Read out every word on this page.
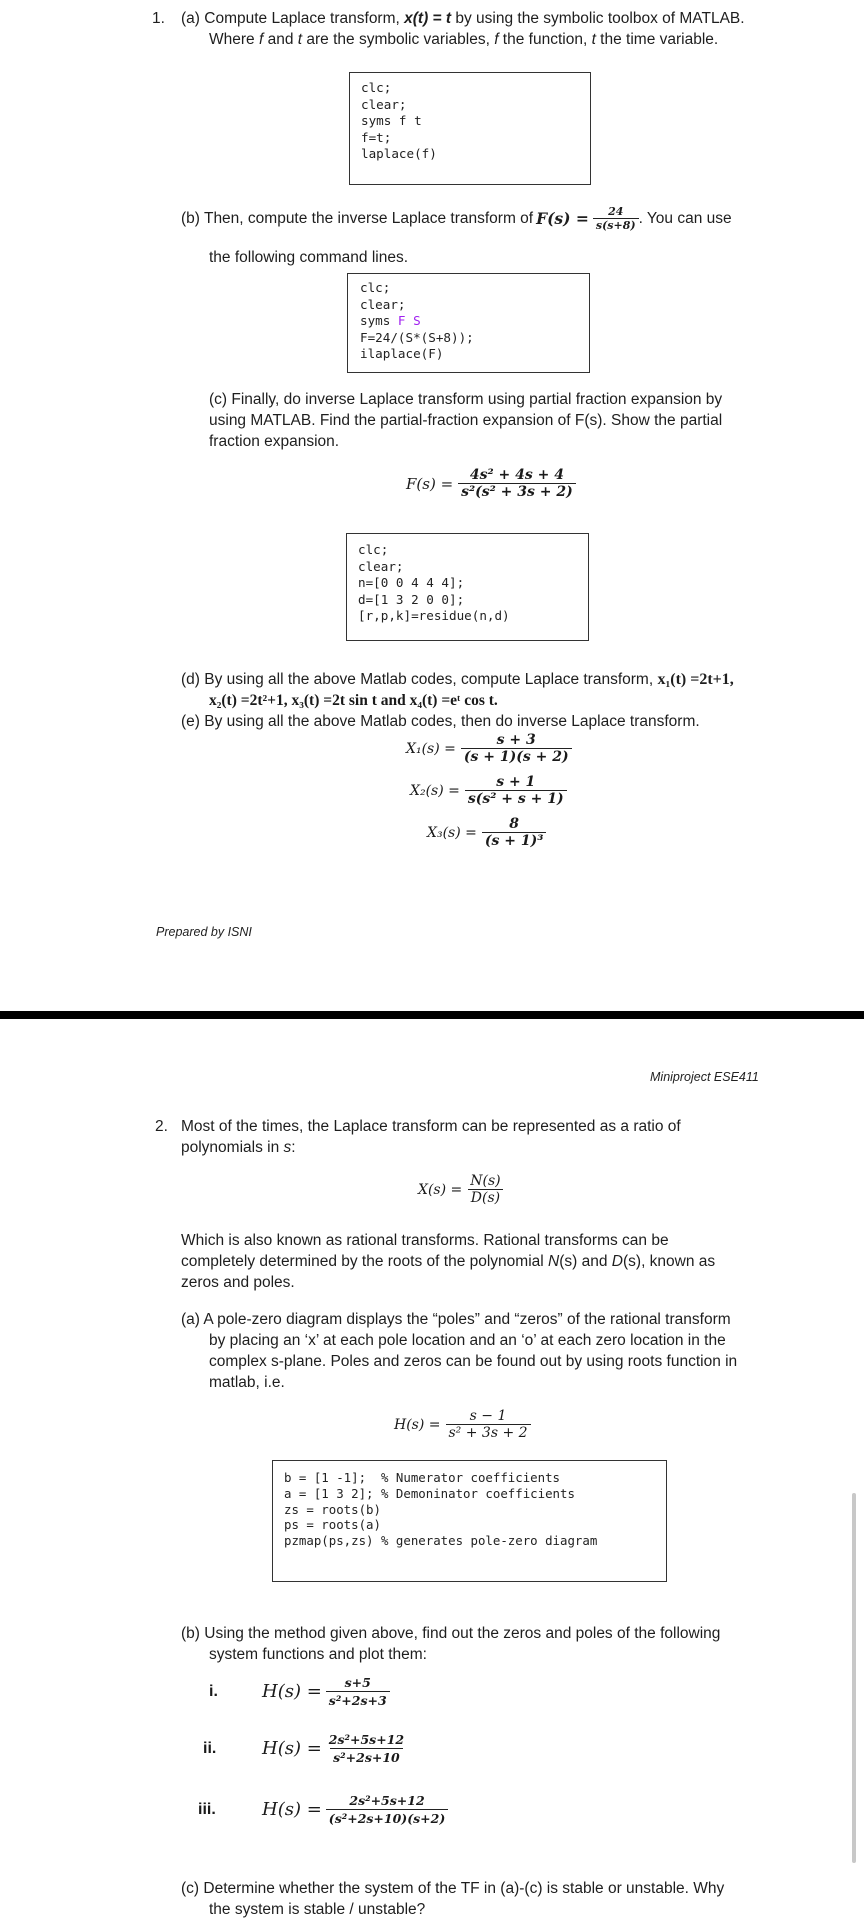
1. (a) Compute Laplace transform, x(t) = t by using the symbolic toolbox of MATLAB.
Where f and t are the symbolic variables, f the function, t the time variable.
clc;
clear;
syms f t
f=t;
laplace(f)
(b) Then, compute the inverse Laplace transform of $F(s) = \frac{24}{s(s+8)}$ . You can use
the following command lines.
clc;
clear;
syms F S
F=24/(S*(S+8));
ilaplace(F)
(c) Finally, do inverse Laplace transform using partial fraction expansion by
using MATLAB. Find the partial-fraction expansion of F(s). Show the partial
fraction expansion.
$F(s) = \frac{\text{4s² + 4s + 4}}{\text{s²(s² + 3s + 2)}}$
clc;
clear;
n=[0 0 4 4 4];
d=[1 3 2 0 0];
[r,p,k]=residue(n,d)
(d) By using all the above Matlab codes, compute Laplace transform, x₁(t) =2t+1,
x₂(t) =2t²+1, x₃(t) =2t sin t and x₄(t) =eᵗ cos t.
(e) By using all the above Matlab codes, then do inverse Laplace transform.
$X_1(s) = \frac{s + 3}{(s + 1)(s + 2)}$
$X_2(s) = \frac{s + 1}{\text{s(s² + s + 1)}}$
$X_3(s) = \frac{8}{\text{(s + 1)³}}$
Prepared by ISNI
Miniproject ESE411
2. Most of the times, the Laplace transform can be represented as a ratio of
polynomials in s:
$X(s) = \frac{N(s)}{D(s)}$
Which is also known as rational transforms. Rational transforms can be
completely determined by the roots of the polynomial N(s) and D(s), known as
zeros and poles.
(a) A pole-zero diagram displays the “poles” and “zeros” of the rational transform
by placing an ‘x’ at each pole location and an ‘o’ at each zero location in the
complex s-plane. Poles and zeros can be found out by using roots function in
matlab, i.e.
$H(s) = \frac{s - 1}{\text{s² + 3s + 2}}$
b = [1 -1];  % Numerator coefficients
a = [1 3 2]; % Demoninator coefficients
zs = roots(b)
ps = roots(a)
pzmap(ps,zs) % generates pole-zero diagram
(b) Using the method given above, find out the zeros and poles of the following
system functions and plot them:
i.	$H(s) = \frac{s+5}{\text{s²+2s+3}}$
ii.	$H(s) = \frac{\text{2s²+5s+12}}{\text{s²+2s+10}}$
iii.	$H(s) = \frac{\text{2s²+5s+12}}{\text{(s²+2s+10)(s+2)}}$
(c) Determine whether the system of the TF in (a)-(c) is stable or unstable. Why
the system is stable / unstable?
